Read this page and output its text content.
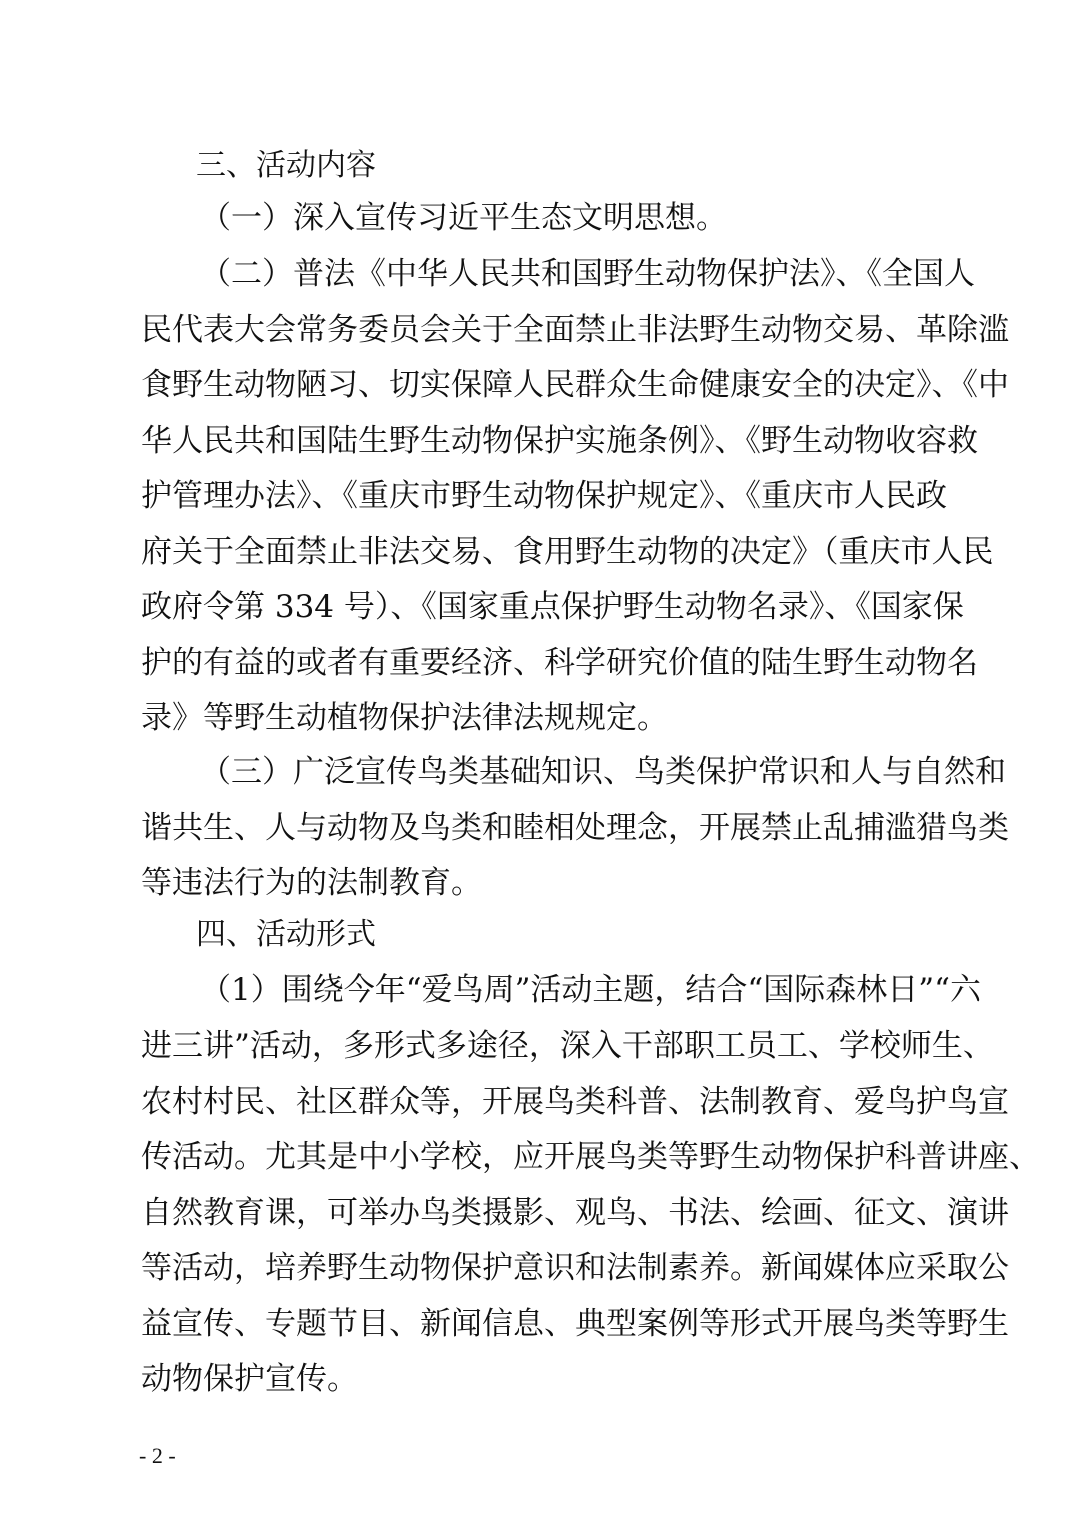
三、活动内容
（一）深入宣传习近平生态文明思想。
（二）普法《中华人民共和国野生动物保护法》、《全国人
民代表大会常务委员会关于全面禁止非法野生动物交易、革除滥
食野生动物陋习、切实保障人民群众生命健康安全的决定》、《中
华人民共和国陆生野生动物保护实施条例》、《野生动物收容救
护管理办法》、《重庆市野生动物保护规定》、《重庆市人民政
府关于全面禁止非法交易、食用野生动物的决定》（重庆市人民
政府令第 334 号）、《国家重点保护野生动物名录》、《国家保
护的有益的或者有重要经济、科学研究价值的陆生野生动物名
录》等野生动植物保护法律法规规定。
（三）广泛宣传鸟类基础知识、鸟类保护常识和人与自然和
谐共生、人与动物及鸟类和睦相处理念，开展禁止乱捕滥猎鸟类
等违法行为的法制教育。
四、活动形式
（1）围绕今年“爱鸟周”活动主题，结合“国际森林日”“六
进三讲”活动，多形式多途径，深入干部职工员工、学校师生、
农村村民、社区群众等，开展鸟类科普、法制教育、爱鸟护鸟宣
传活动。尤其是中小学校，应开展鸟类等野生动物保护科普讲座、
自然教育课，可举办鸟类摄影、观鸟、书法、绘画、征文、演讲
等活动，培养野生动物保护意识和法制素养。新闻媒体应采取公
益宣传、专题节目、新闻信息、典型案例等形式开展鸟类等野生
动物保护宣传。
- 2 -
